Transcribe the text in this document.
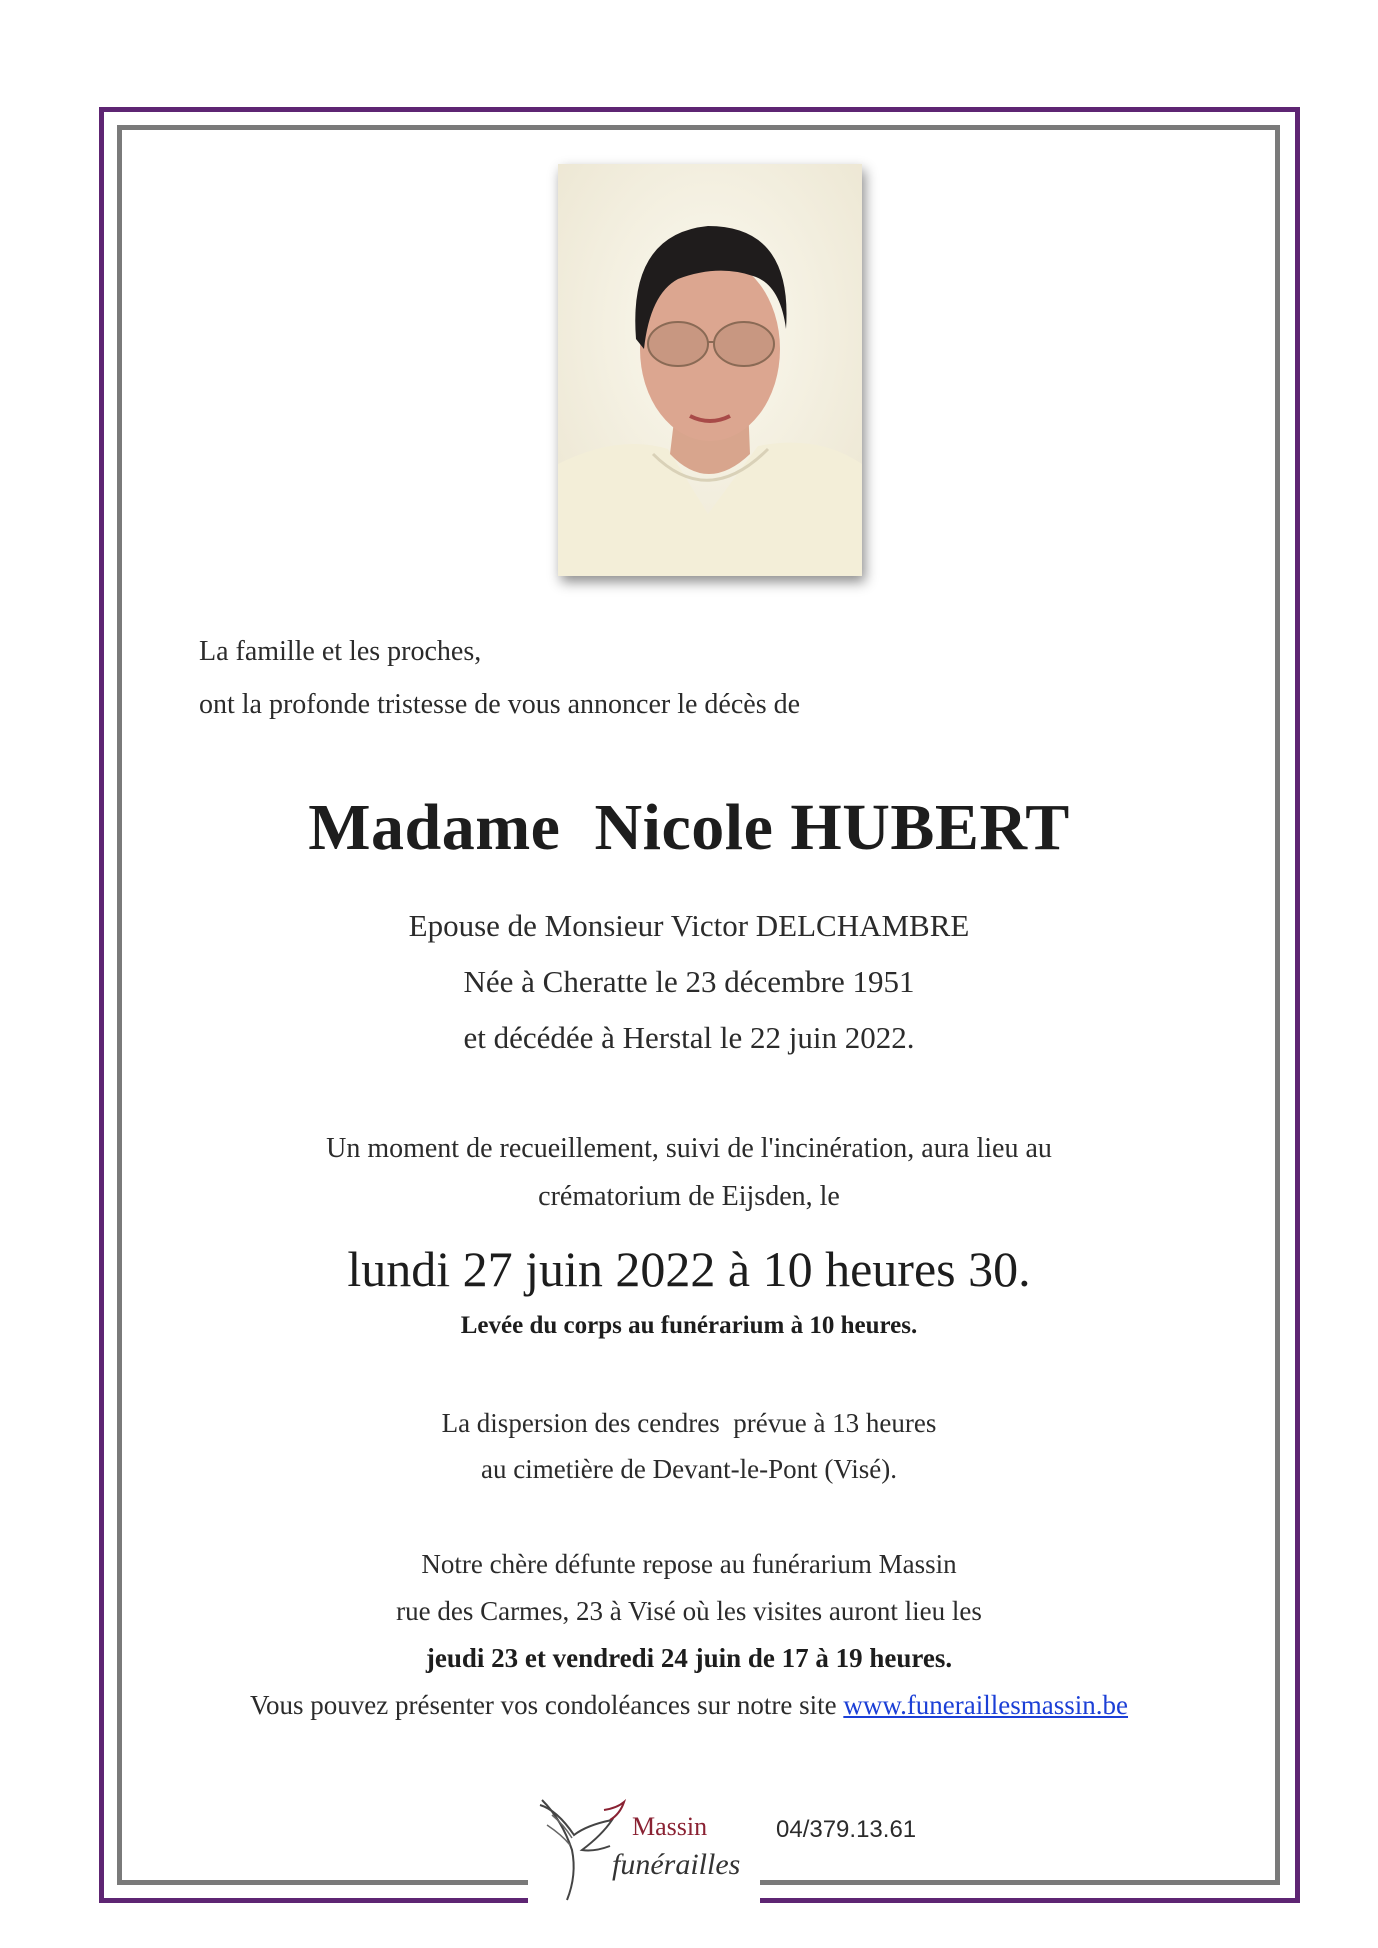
La famille et les proches,
ont la profonde tristesse de vous annoncer le décès de
Madame  Nicole HUBERT
Epouse de Monsieur Victor DELCHAMBRE
Née à Cheratte le 23 décembre 1951
et décédée à Herstal le 22 juin 2022.
Un moment de recueillement, suivi de l'incinération, aura lieu au
crématorium de Eijsden, le
lundi 27 juin 2022 à 10 heures 30.
Levée du corps au funérarium à 10 heures.
La dispersion des cendres  prévue à 13 heures
au cimetière de Devant-le-Pont (Visé).
Notre chère défunte repose au funérarium Massin
rue des Carmes, 23 à Visé où les visites auront lieu les
jeudi 23 et vendredi 24 juin de 17 à 19 heures.
Vous pouvez présenter vos condoléances sur notre site www.funeraillesmassin.be
Massin
funérailles
04/379.13.61
